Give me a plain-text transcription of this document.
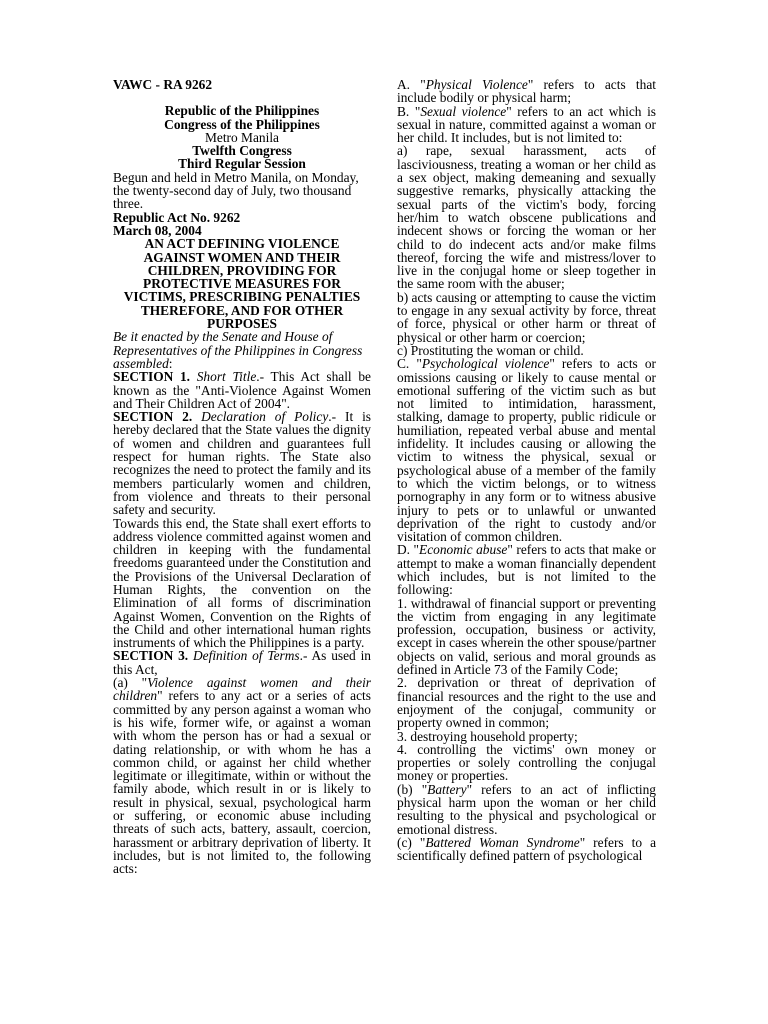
VAWC - RA 9262

Republic of the Philippines

Congress of the Philippines

Metro Manila

Twelfth Congress

Third Regular Session

Begun and held in Metro Manila, on Monday, the twenty-second day of July, two thousand three.

Republic Act No. 9262

March 08, 2004

AN ACT DEFINING VIOLENCE AGAINST WOMEN AND THEIR CHILDREN, PROVIDING FOR PROTECTIVE MEASURES FOR VICTIMS, PRESCRIBING PENALTIES THEREFORE, AND FOR OTHER PURPOSES

Be it enacted by the Senate and House of Representatives of the Philippines in Congress assembled:

SECTION 1. Short Title.- This Act shall be known as the "Anti-Violence Against Women and Their Children Act of 2004".

SECTION 2. Declaration of Policy.- It is hereby declared that the State values the dignity of women and children and guarantees full respect for human rights. The State also recognizes the need to protect the family and its members particularly women and children, from violence and threats to their personal safety and security.

Towards this end, the State shall exert efforts to address violence committed against women and children in keeping with the fundamental freedoms guaranteed under the Constitution and the Provisions of the Universal Declaration of Human Rights, the convention on the Elimination of all forms of discrimination Against Women, Convention on the Rights of the Child and other international human rights instruments of which the Philippines is a party.

SECTION 3. Definition of Terms.- As used in this Act,

(a) "Violence against women and their children" refers to any act or a series of acts committed by any person against a woman who is his wife, former wife, or against a woman with whom the person has or had a sexual or dating relationship, or with whom he has a common child, or against her child whether legitimate or illegitimate, within or without the family abode, which result in or is likely to result in physical, sexual, psychological harm or suffering, or economic abuse including threats of such acts, battery, assault, coercion, harassment or arbitrary deprivation of liberty. It includes, but is not limited to, the following acts:

A. "Physical Violence" refers to acts that include bodily or physical harm;

B. "Sexual violence" refers to an act which is sexual in nature, committed against a woman or her child. It includes, but is not limited to:

a) rape, sexual harassment, acts of lasciviousness, treating a woman or her child as a sex object, making demeaning and sexually suggestive remarks, physically attacking the sexual parts of the victim's body, forcing her/him to watch obscene publications and indecent shows or forcing the woman or her child to do indecent acts and/or make films thereof, forcing the wife and mistress/lover to live in the conjugal home or sleep together in the same room with the abuser;

b) acts causing or attempting to cause the victim to engage in any sexual activity by force, threat of force, physical or other harm or threat of physical or other harm or coercion;

c) Prostituting the woman or child.

C. "Psychological violence" refers to acts or omissions causing or likely to cause mental or emotional suffering of the victim such as but not limited to intimidation, harassment, stalking, damage to property, public ridicule or humiliation, repeated verbal abuse and mental infidelity. It includes causing or allowing the victim to witness the physical, sexual or psychological abuse of a member of the family to which the victim belongs, or to witness pornography in any form or to witness abusive injury to pets or to unlawful or unwanted deprivation of the right to custody and/or visitation of common children.

D. "Economic abuse" refers to acts that make or attempt to make a woman financially dependent which includes, but is not limited to the following:

1. withdrawal of financial support or preventing the victim from engaging in any legitimate profession, occupation, business or activity, except in cases wherein the other spouse/partner objects on valid, serious and moral grounds as defined in Article 73 of the Family Code;

2. deprivation or threat of deprivation of financial resources and the right to the use and enjoyment of the conjugal, community or property owned in common;

3. destroying household property;

4. controlling the victims' own money or properties or solely controlling the conjugal money or properties.

(b) "Battery" refers to an act of inflicting physical harm upon the woman or her child resulting to the physical and psychological or emotional distress.

(c) "Battered Woman Syndrome" refers to a scientifically defined pattern of psychological
